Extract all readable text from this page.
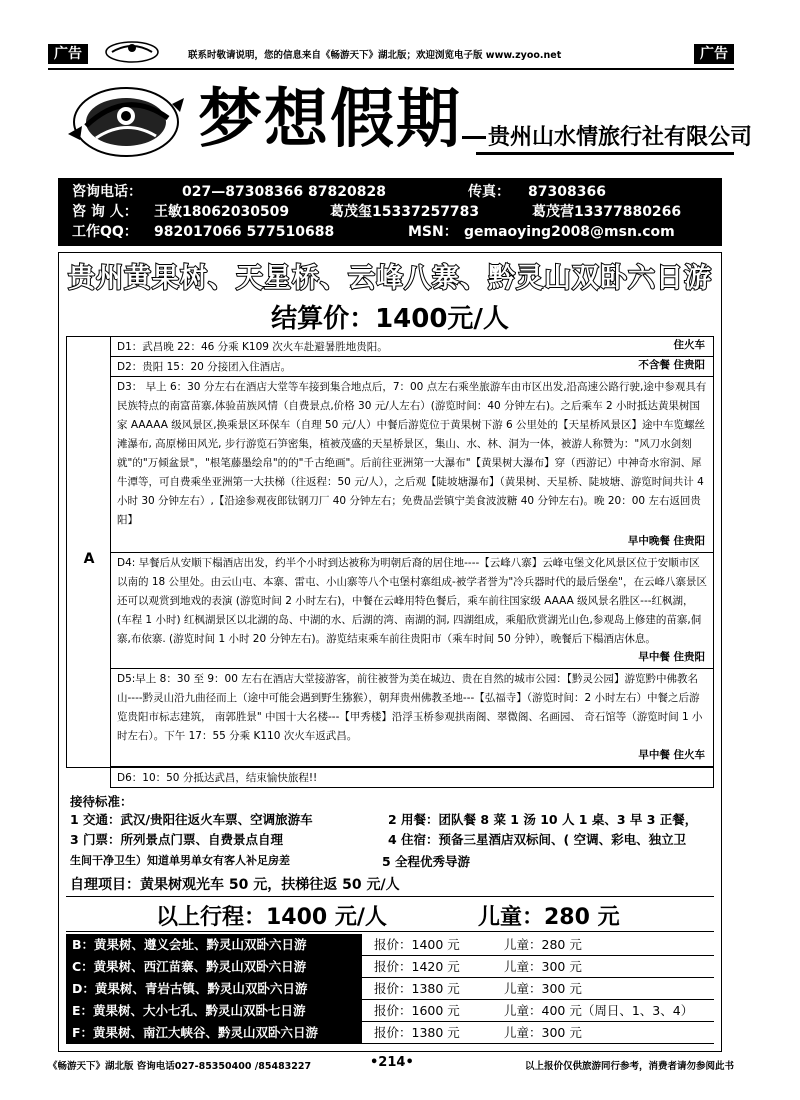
广告	联系时敬请说明，您的信息来自《畅游天下》湖北版；欢迎浏览电子版 www.zyoo.net	广告
梦想假期 贵州山水情旅行社有限公司
咨询电话：	027—87308366 87820828	传真： 87308366
咨 询 人： 王敏18062030509	葛茂玺15337257783	葛茂营13377880266
工作QQ： 982017066 577510688	MSN： gemaoying2008@msn.com
贵州黄果树、天星桥、云峰八寨、黔灵山双卧六日游
结算价：1400元/人
A
D1：武昌晚 22：46 分乘 K109 次火车赴避暑胜地贵阳。	住火车
D2：贵阳 15：20 分接团入住酒店。	不含餐 住贵阳
D3： 早上 6：30 分左右在酒店大堂等车接到集合地点后，7：00 点左右乘坐旅游车由市区出发,沿高速公路行驶,途中参观具有民族特点的南富苗寨,体验苗族风情（自费景点,价格 30 元/人左右）(游览时间：40 分钟左右)。之后乘车 2 小时抵达黄果树国家 AAAAA 级风景区,换乘景区环保车（自理 50 元/人）中餐后游览位于黄果树下游 6 公里处的【天星桥风景区】途中车览螺丝滩瀑布, 高原梯田风光, 步行游览石笋密集，植被茂盛的天星桥景区，集山、水、林、洞为一体，被游人称赞为："风刀水剑刻就"的"万倾盆景"，"根笔藤墨绘帛"的的"千古绝画"。后前往亚洲第一大瀑布"【黄果树大瀑布】穿（西游记）中神奇水帘洞、犀牛潭等，可自费乘坐亚洲第一大扶梯（往返程：50 元/人），之后观【陡坡塘瀑布】（黄果树、天星桥、陡坡塘、游览时间共计 4 小时 30 分钟左右）,【沿途参观夜郎钛钢刀厂 40 分钟左右；免费品尝镇宁美食波波糖 40 分钟左右)。晚 20：00 左右返回贵阳】
早中晚餐 住贵阳
D4: 早餐后从安顺下榻酒店出发，约半个小时到达被称为明朝后裔的居住地----【云峰八寨】云峰屯堡文化风景区位于安顺市区以南的 18 公里处。由云山屯、本寨、雷屯、小山寨等八个屯堡村寨组成-被学者誉为"冷兵器时代的最后堡垒"，在云峰八寨景区还可以观赏到地戏的表演 (游览时间 2 小时左右)，中餐在云峰用特色餐后，乘车前往国家级 AAAA 级风景名胜区---红枫湖，(车程 1 小时) 红枫湖景区以北湖的岛、中湖的水、后湖的湾、南湖的洞, 四湖组成，乘船欣赏湖光山色,参观岛上修建的苗寨,侗寨,布依寨. (游览时间 1 小时 20 分钟左右)。游览结束乘车前往贵阳市（乘车时间 50 分钟），晚餐后下榻酒店休息。
早中餐 住贵阳
D5:早上 8：30 至 9：00 左右在酒店大堂接游客，前往被誉为美在城边、贵在自然的城市公园：【黔灵公园】游览黔中佛教名山----黔灵山沿九曲径而上（途中可能会遇到野生猕猴），朝拜贵州佛教圣地---【弘福寺】（游览时间：2 小时左右）中餐之后游览贵阳市标志建筑， 南郭胜景" 中国十大名楼---【甲秀楼】沿浮玉桥参观拱南阁、翠微阁、名画园、 奇石馆等（游览时间 1 小时左右）。下午 17：55 分乘 K110 次火车返武昌。
早中餐 住火车
D6：10：50 分抵达武昌，结束愉快旅程!!
接待标准：
1 交通：武汉/贵阳往返火车票、空调旅游车	2 用餐：团队餐 8 菜 1 汤 10 人 1 桌、3 早 3 正餐，
3 门票：所列景点门票、自费景点自理	4 住宿：预备三星酒店双标间、( 空调、彩电、独立卫
生间干净卫生）知道单男单女有客人补足房差	5 全程优秀导游
自理项目：黄果树观光车 50 元，扶梯往返 50 元/人
以上行程：1400 元/人	儿童：280 元
B：黄果树、遵义会址、黔灵山双卧六日游	报价：1400 元	儿童：280 元
C：黄果树、西江苗寨、黔灵山双卧六日游	报价：1420 元	儿童：300 元
D：黄果树、青岩古镇、黔灵山双卧六日游	报价：1380 元	儿童：300 元
E：黄果树、大小七孔、黔灵山双卧七日游	报价：1600 元	儿童：400 元（周日、1、3、4）
F：黄果树、南江大峡谷、黔灵山双卧六日游	报价：1380 元	儿童：300 元
《畅游天下》湖北版 咨询电话027-85350400 /85483227	•214•	以上报价仅供旅游同行参考，消费者请勿参阅此书
